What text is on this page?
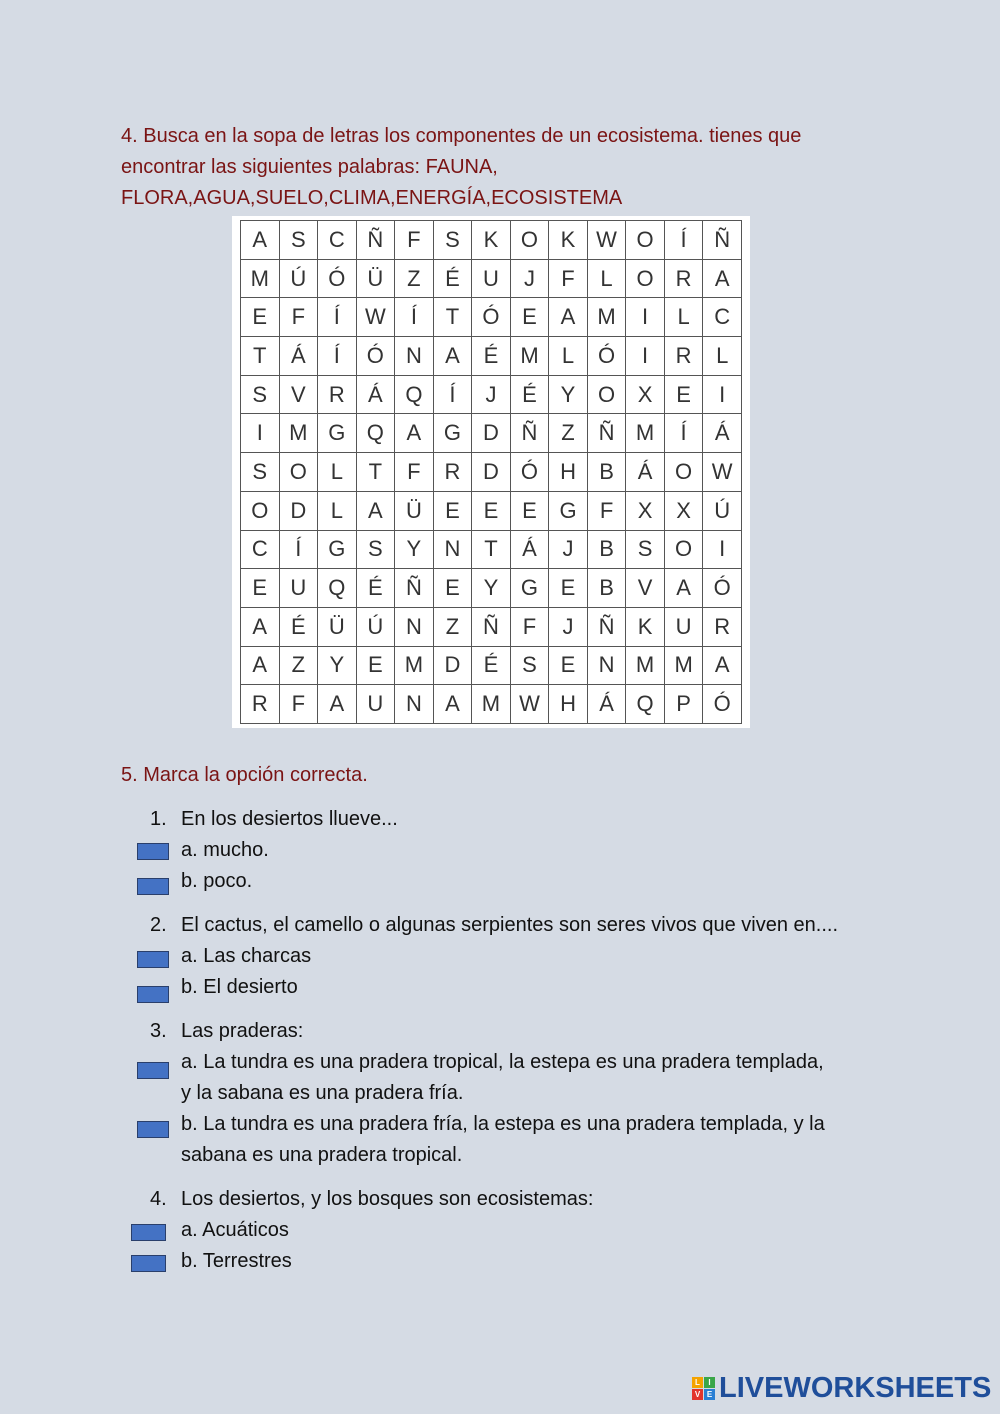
4. Busca en la sopa de letras los componentes de un ecosistema. tienes que
encontrar las siguientes palabras: FAUNA,
FLORA,AGUA,SUELO,CLIMA,ENERGÍA,ECOSISTEMA
A	S	C	Ñ	F	S	K	O	K	W	O	Í	Ñ
M	Ú	Ó	Ü	Z	É	U	J	F	L	O	R	A
E	F	Í	W	Í	T	Ó	E	A	M	I	L	C
T	Á	Í	Ó	N	A	É	M	L	Ó	I	R	L
S	V	R	Á	Q	Í	J	É	Y	O	X	E	I
I	M	G	Q	A	G	D	Ñ	Z	Ñ	M	Í	Á
S	O	L	T	F	R	D	Ó	H	B	Á	O	W
O	D	L	A	Ü	E	E	E	G	F	X	X	Ú
C	Í	G	S	Y	N	T	Á	J	B	S	O	I
E	U	Q	É	Ñ	E	Y	G	E	B	V	A	Ó
A	É	Ü	Ú	N	Z	Ñ	F	J	Ñ	K	U	R
A	Z	Y	E	M	D	É	S	E	N	M	M	A
R	F	A	U	N	A	M	W	H	Á	Q	P	Ó
5. Marca la opción correcta.
1. En los desiertos llueve...
a. mucho.
b. poco.
2. El cactus, el camello o algunas serpientes son seres vivos que viven en....
a. Las charcas
b. El desierto
3. Las praderas:
a. La tundra es una pradera tropical, la estepa es una pradera templada,
y la sabana es una pradera fría.
b. La tundra es una pradera fría, la estepa es una pradera templada, y la
sabana es una pradera tropical.
4. Los desiertos, y los bosques son ecosistemas:
a. Acuáticos
b. Terrestres
L	I
V E LIVEWORKSHEETS
